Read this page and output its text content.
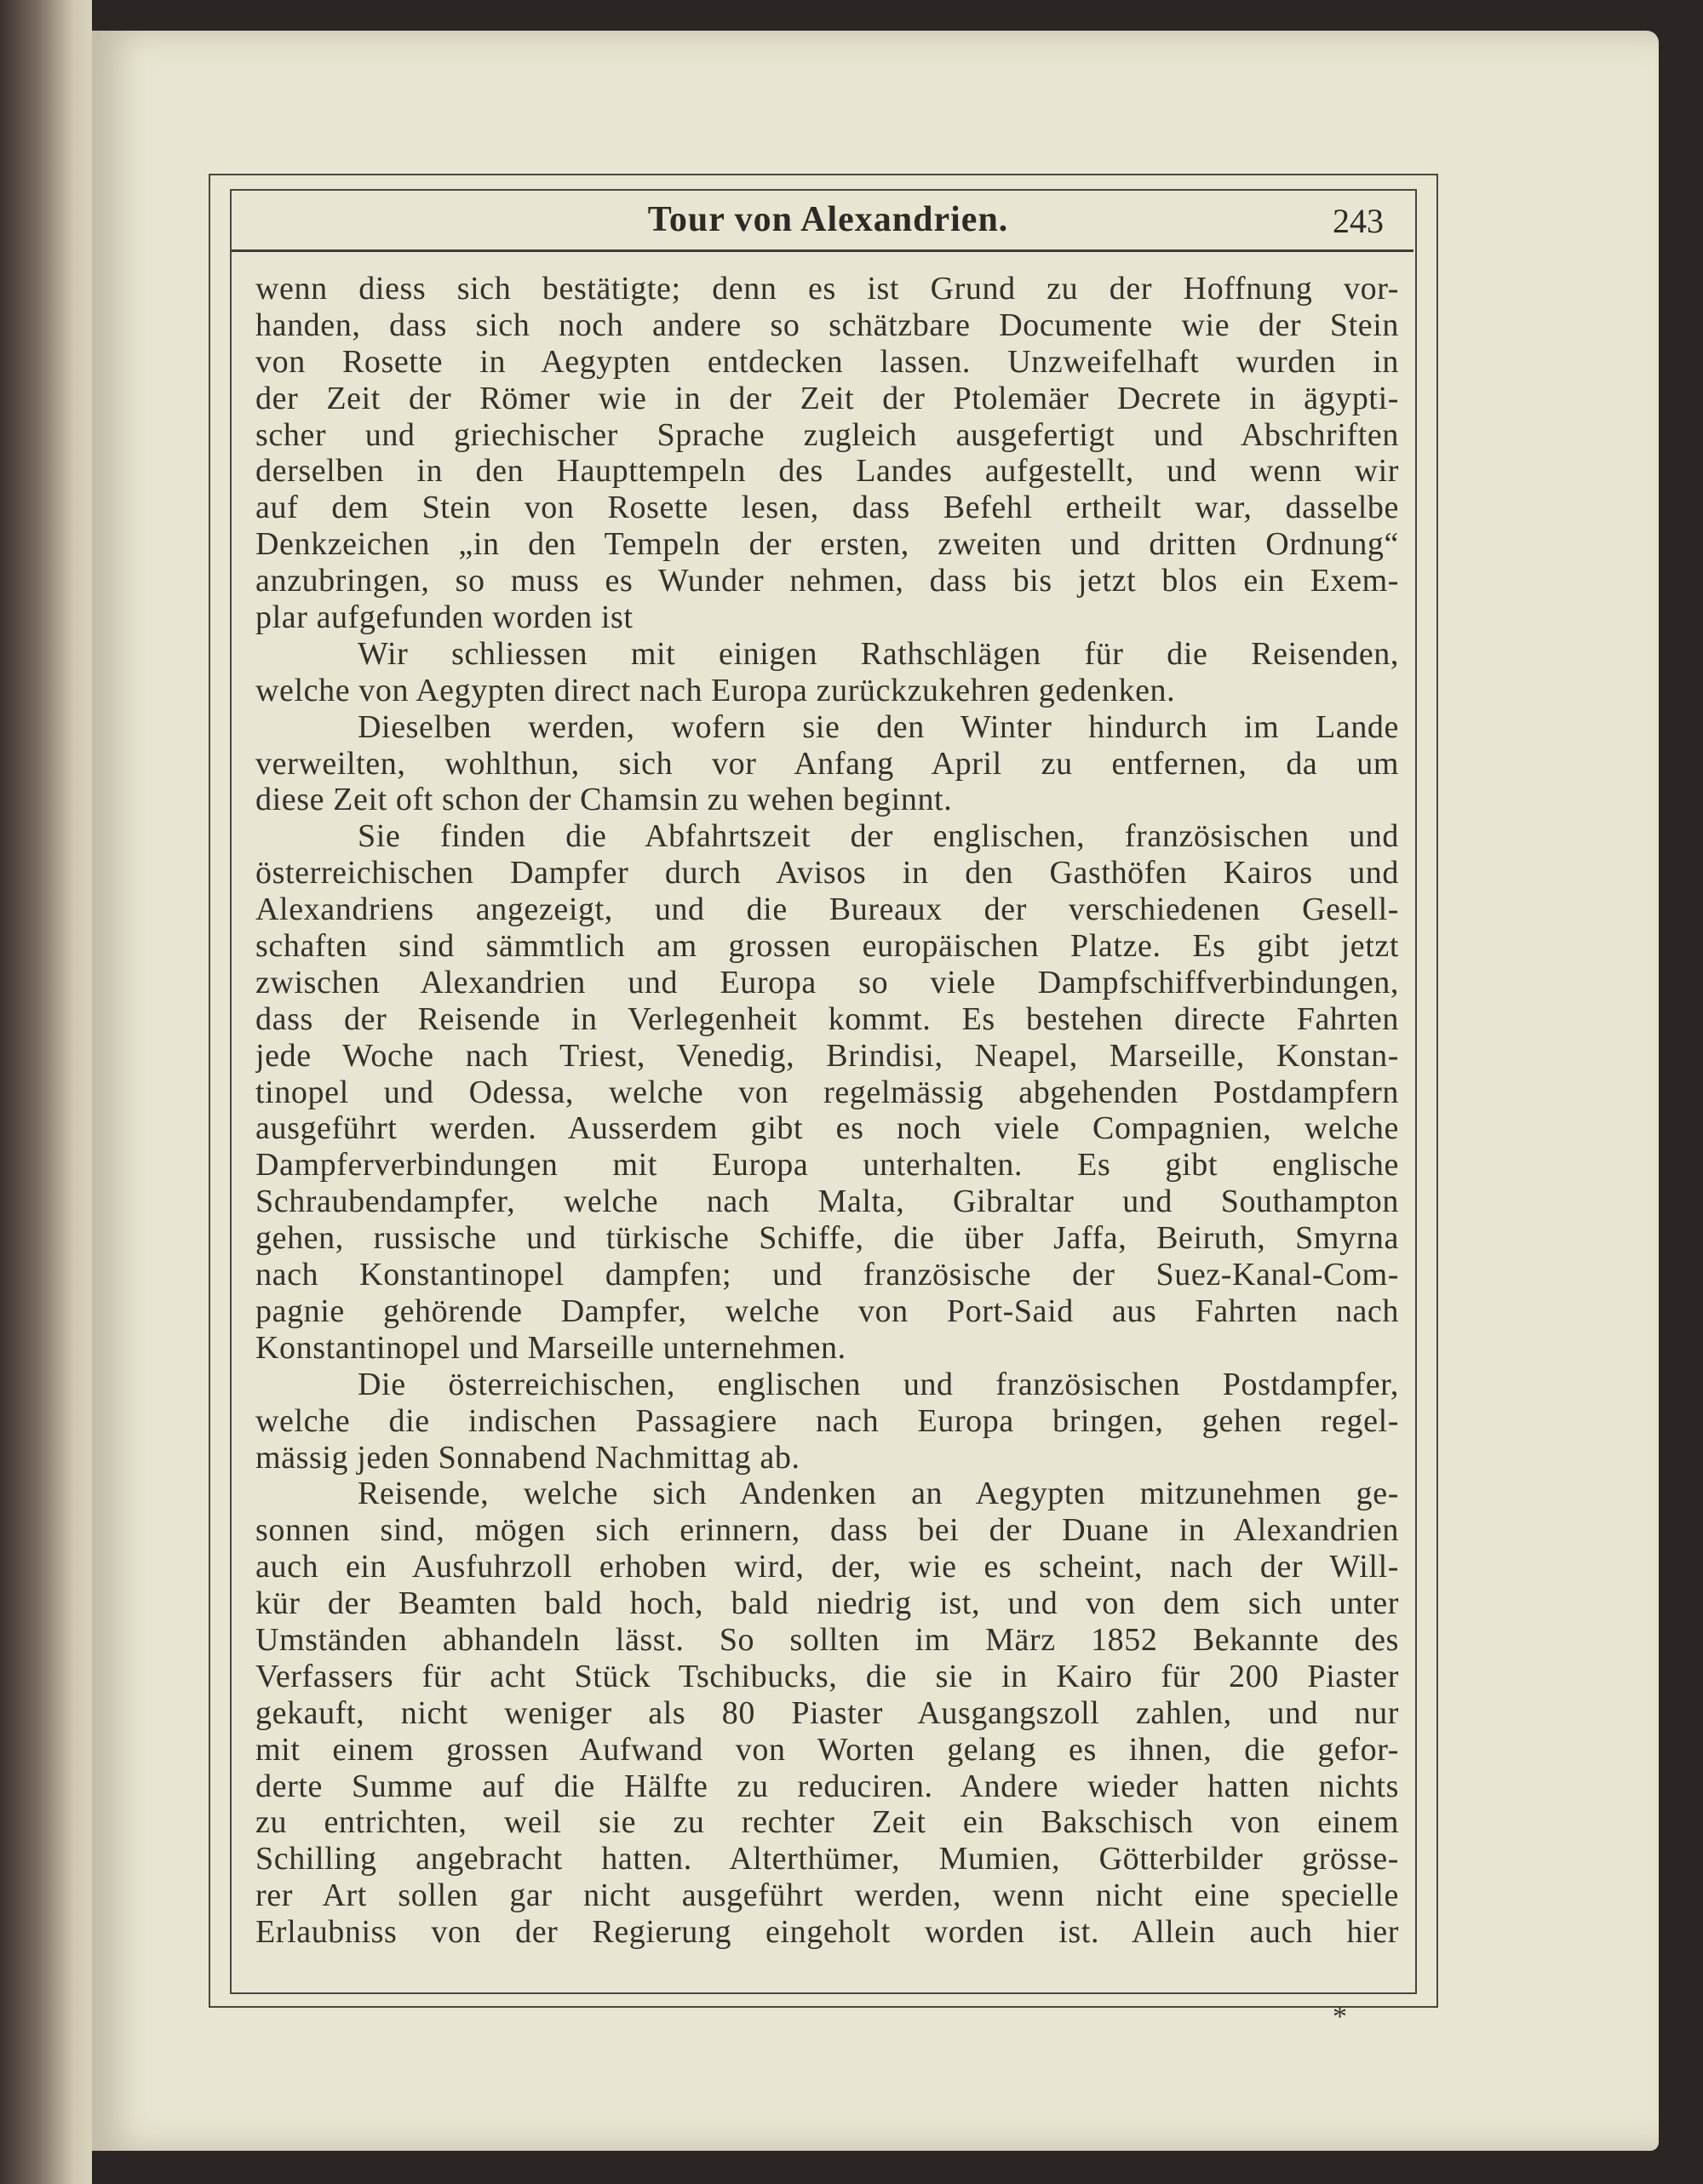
Tour von Alexandrien.	243
wenn diess sich bestätigte; denn es ist Grund zu der Hoffnung vor-
handen, dass sich noch andere so schätzbare Documente wie der Stein
von Rosette in Aegypten entdecken lassen. Unzweifelhaft wurden in
der Zeit der Römer wie in der Zeit der Ptolemäer Decrete in ägypti-
scher und griechischer Sprache zugleich ausgefertigt und Abschriften
derselben in den Haupttempeln des Landes aufgestellt, und wenn wir
auf dem Stein von Rosette lesen, dass Befehl ertheilt war, dasselbe
Denkzeichen „in den Tempeln der ersten, zweiten und dritten Ordnung“
anzubringen, so muss es Wunder nehmen, dass bis jetzt blos ein Exem-
plar aufgefunden worden ist
Wir schliessen mit einigen Rathschlägen für die Reisenden,
welche von Aegypten direct nach Europa zurückzukehren gedenken.
Dieselben werden, wofern sie den Winter hindurch im Lande
verweilten, wohlthun, sich vor Anfang April zu entfernen, da um
diese Zeit oft schon der Chamsin zu wehen beginnt.
Sie finden die Abfahrtszeit der englischen, französischen und
österreichischen Dampfer durch Avisos in den Gasthöfen Kairos und
Alexandriens angezeigt, und die Bureaux der verschiedenen Gesell-
schaften sind sämmtlich am grossen europäischen Platze. Es gibt jetzt
zwischen Alexandrien und Europa so viele Dampfschiffverbindungen,
dass der Reisende in Verlegenheit kommt. Es bestehen directe Fahrten
jede Woche nach Triest, Venedig, Brindisi, Neapel, Marseille, Konstan-
tinopel und Odessa, welche von regelmässig abgehenden Postdampfern
ausgeführt werden. Ausserdem gibt es noch viele Compagnien, welche
Dampferverbindungen mit Europa unterhalten. Es gibt englische
Schraubendampfer, welche nach Malta, Gibraltar und Southampton
gehen, russische und türkische Schiffe, die über Jaffa, Beiruth, Smyrna
nach Konstantinopel dampfen; und französische der Suez-Kanal-Com-
pagnie gehörende Dampfer, welche von Port-Said aus Fahrten nach
Konstantinopel und Marseille unternehmen.
Die österreichischen, englischen und französischen Postdampfer,
welche die indischen Passagiere nach Europa bringen, gehen regel-
mässig jeden Sonnabend Nachmittag ab.
Reisende, welche sich Andenken an Aegypten mitzunehmen ge-
sonnen sind, mögen sich erinnern, dass bei der Duane in Alexandrien
auch ein Ausfuhrzoll erhoben wird, der, wie es scheint, nach der Will-
kür der Beamten bald hoch, bald niedrig ist, und von dem sich unter
Umständen abhandeln lässt. So sollten im März 1852 Bekannte des
Verfassers für acht Stück Tschibucks, die sie in Kairo für 200 Piaster
gekauft, nicht weniger als 80 Piaster Ausgangszoll zahlen, und nur
mit einem grossen Aufwand von Worten gelang es ihnen, die gefor-
derte Summe auf die Hälfte zu reduciren. Andere wieder hatten nichts
zu entrichten, weil sie zu rechter Zeit ein Bakschisch von einem
Schilling angebracht hatten. Alterthümer, Mumien, Götterbilder grösse-
rer Art sollen gar nicht ausgeführt werden, wenn nicht eine specielle
Erlaubniss von der Regierung eingeholt worden ist. Allein auch hier
*
